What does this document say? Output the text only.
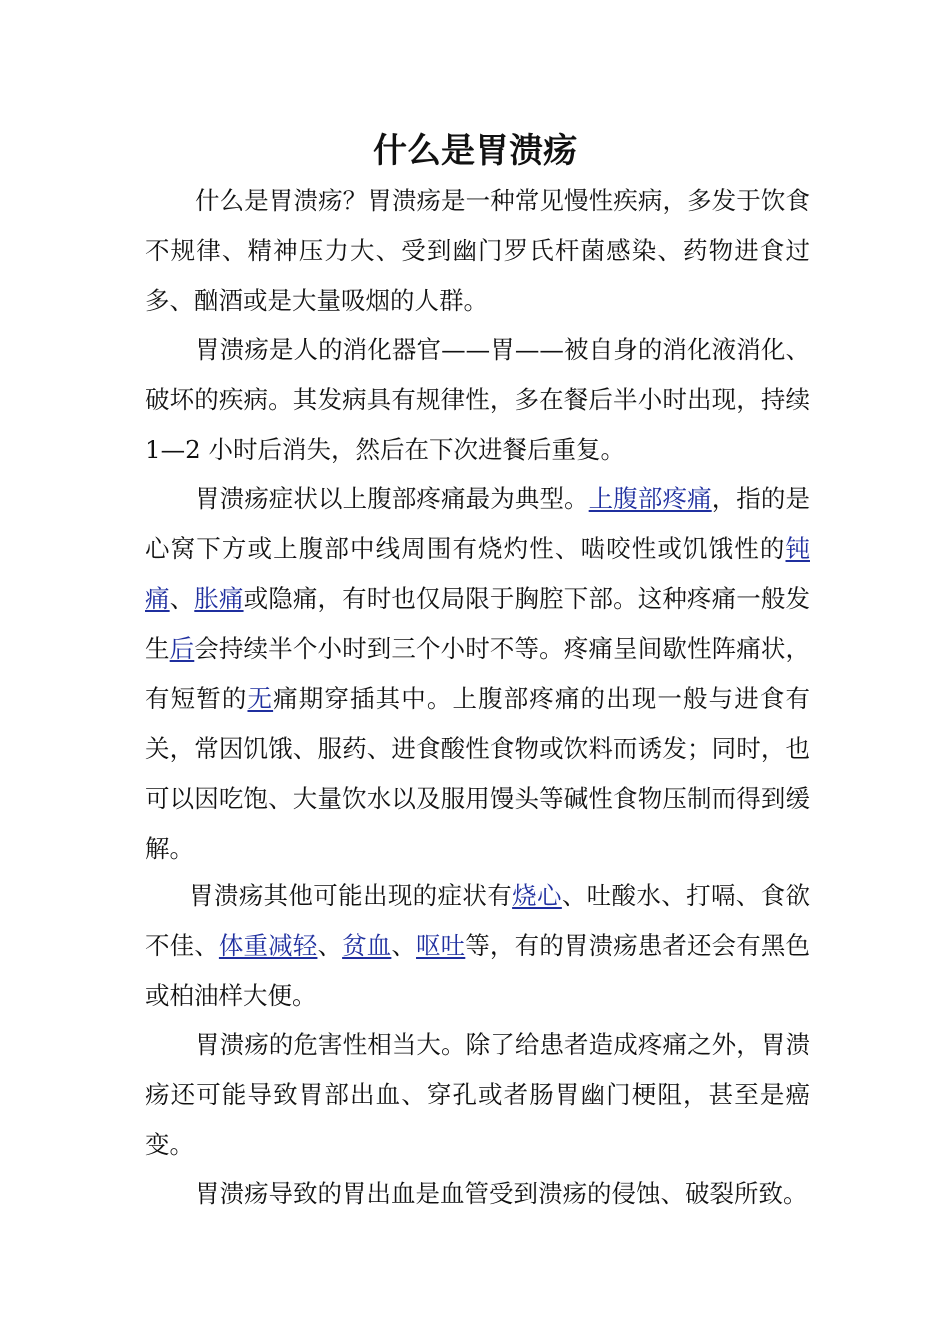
什么是胃溃疡

什么是胃溃疡？胃溃疡是一种常见慢性疾病，多发于饮食不规律、精神压力大、受到幽门罗氏杆菌感染、药物进食过多、酗酒或是大量吸烟的人群。

胃溃疡是人的消化器官——胃——被自身的消化液消化、破坏的疾病。其发病具有规律性，多在餐后半小时出现，持续 1—2 小时后消失，然后在下次进餐后重复。

胃溃疡症状以上腹部疼痛最为典型。上腹部疼痛，指的是心窝下方或上腹部中线周围有烧灼性、啮咬性或饥饿性的钝痛、胀痛或隐痛，有时也仅局限于胸腔下部。这种疼痛一般发生后会持续半个小时到三个小时不等。疼痛呈间歇性阵痛状，有短暂的无痛期穿插其中。上腹部疼痛的出现一般与进食有关，常因饥饿、服药、进食酸性食物或饮料而诱发；同时，也可以因吃饱、大量饮水以及服用馒头等碱性食物压制而得到缓解。

胃溃疡其他可能出现的症状有烧心、吐酸水、打嗝、食欲不佳、体重减轻、贫血、呕吐等，有的胃溃疡患者还会有黑色或柏油样大便。

胃溃疡的危害性相当大。除了给患者造成疼痛之外，胃溃疡还可能导致胃部出血、穿孔或者肠胃幽门梗阻，甚至是癌变。

胃溃疡导致的胃出血是血管受到溃疡的侵蚀、破裂所致。
